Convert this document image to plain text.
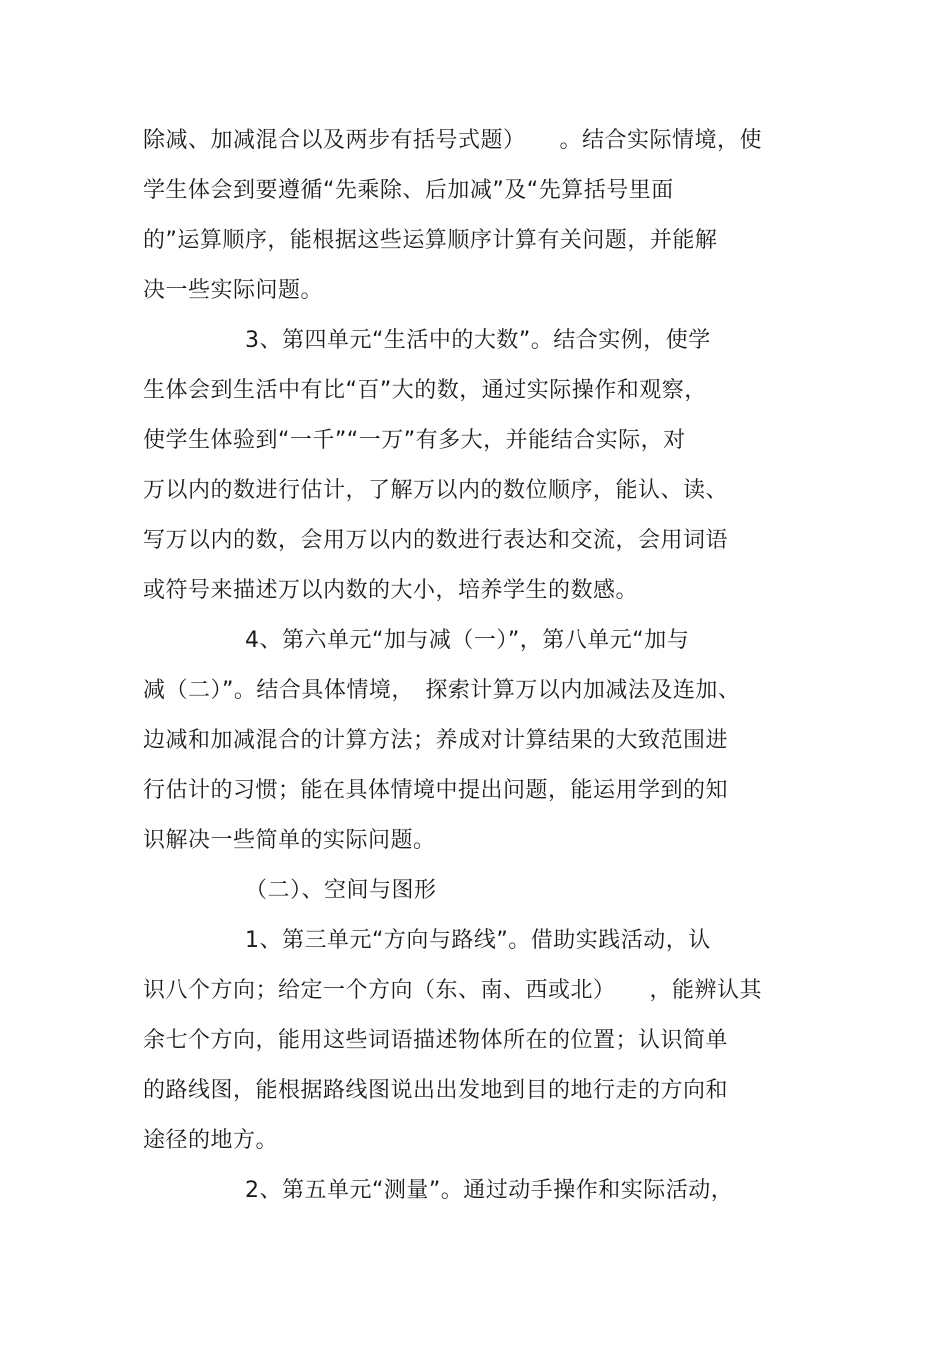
除减、加减混合以及两步有括号式题）　　。结合实际情境，使
学生体会到要遵循“先乘除、后加减”及“先算括号里面
的”运算顺序，能根据这些运算顺序计算有关问题，并能解
决一些实际问题。
3、第四单元“生活中的大数”。结合实例，使学
生体会到生活中有比“百”大的数，通过实际操作和观察，
使学生体验到“一千”“一万”有多大，并能结合实际，对
万以内的数进行估计，了解万以内的数位顺序，能认、读、
写万以内的数，会用万以内的数进行表达和交流，会用词语
或符号来描述万以内数的大小，培养学生的数感。
4、第六单元“加与减（一）”，第八单元“加与
减（二）”。结合具体情境，　探索计算万以内加减法及连加、
边减和加减混合的计算方法；养成对计算结果的大致范围进
行估计的习惯；能在具体情境中提出问题，能运用学到的知
识解决一些简单的实际问题。
（二）、空间与图形
1、第三单元“方向与路线”。借助实践活动，认
识八个方向；给定一个方向（东、南、西或北）　　，能辨认其
余七个方向，能用这些词语描述物体所在的位置；认识简单
的路线图，能根据路线图说出出发地到目的地行走的方向和
途径的地方。
2、第五单元“测量”。通过动手操作和实际活动，
